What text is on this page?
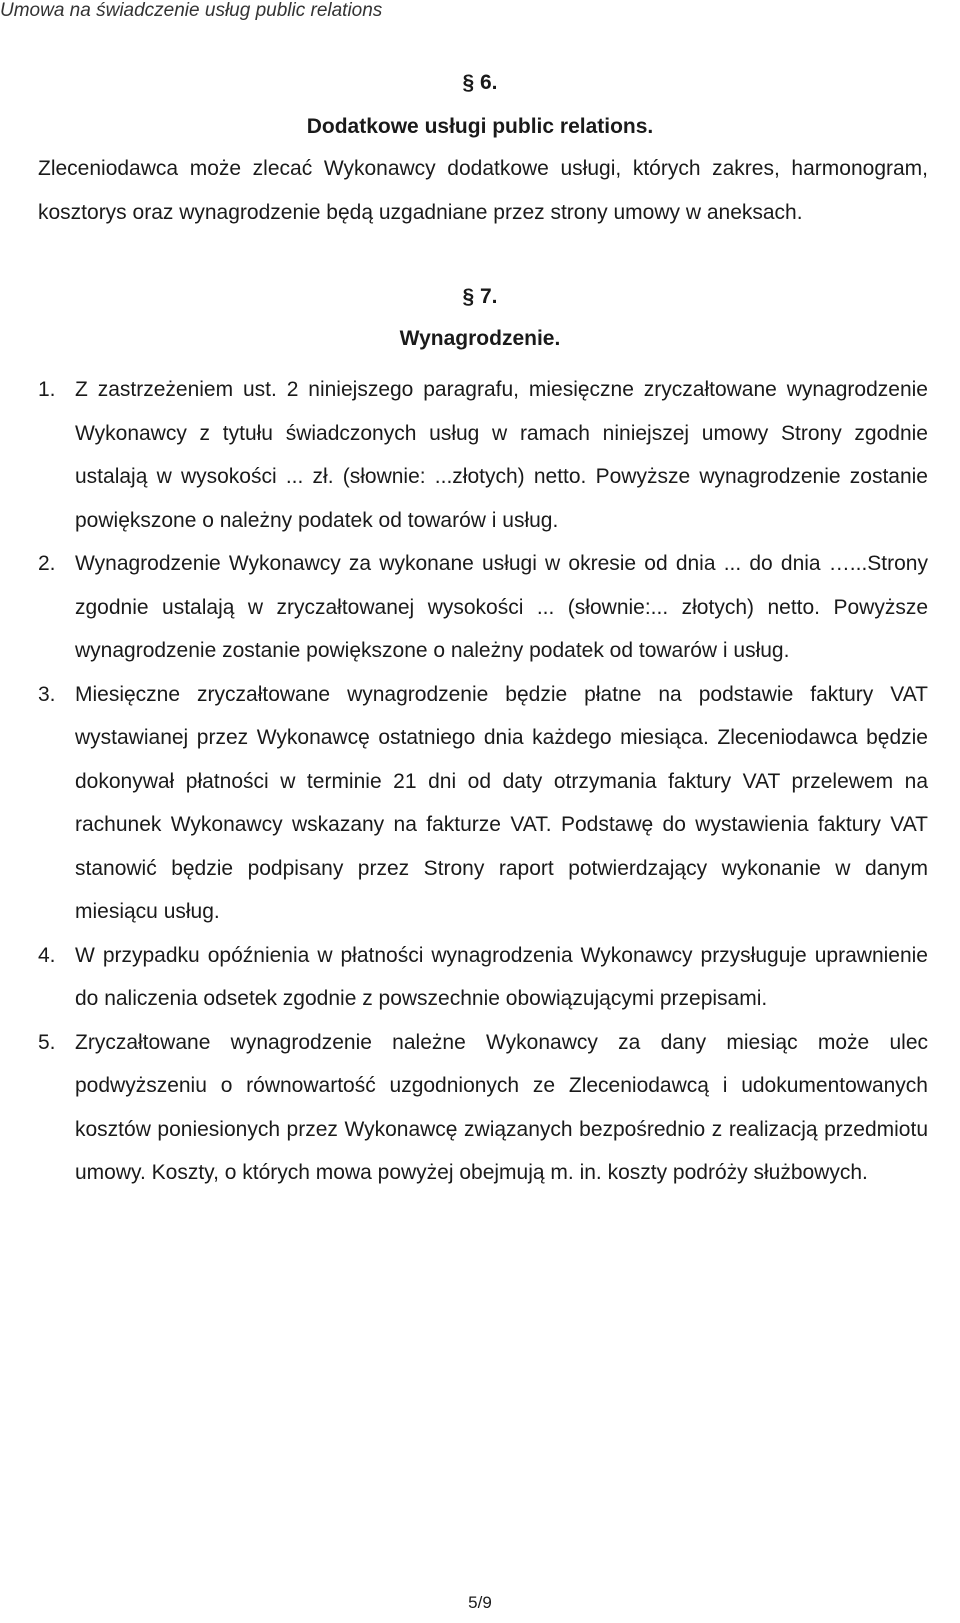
Umowa na świadczenie usług public relations
§ 6.
Dodatkowe usługi public relations.
Zleceniodawca może zlecać Wykonawcy dodatkowe usługi, których zakres, harmonogram, kosztorys oraz wynagrodzenie będą uzgadniane przez strony umowy w aneksach.
§ 7.
Wynagrodzenie.
1. Z zastrzeżeniem ust. 2 niniejszego paragrafu, miesięczne zryczałtowane wynagrodzenie Wykonawcy z tytułu świadczonych usług w ramach niniejszej umowy Strony zgodnie ustalają w wysokości ... zł. (słownie: ...złotych) netto. Powyższe wynagrodzenie zostanie powiększone o należny podatek od towarów i usług.
2. Wynagrodzenie Wykonawcy za wykonane usługi w okresie od dnia ... do dnia …...Strony zgodnie ustalają w zryczałtowanej wysokości ... (słownie:... złotych) netto. Powyższe wynagrodzenie zostanie powiększone o należny podatek od towarów i usług.
3. Miesięczne zryczałtowane wynagrodzenie będzie płatne na podstawie faktury VAT wystawianej przez Wykonawcę ostatniego dnia każdego miesiąca. Zleceniodawca będzie dokonywał płatności w terminie 21 dni od daty otrzymania faktury VAT przelewem na rachunek Wykonawcy wskazany na fakturze VAT. Podstawę do wystawienia faktury VAT stanowić będzie podpisany przez Strony raport potwierdzający wykonanie w danym miesiącu usług.
4. W przypadku opóźnienia w płatności wynagrodzenia Wykonawcy przysługuje uprawnienie do naliczenia odsetek zgodnie z powszechnie obowiązującymi przepisami.
5. Zryczałtowane wynagrodzenie należne Wykonawcy za dany miesiąc może ulec podwyższeniu o równowartość uzgodnionych ze Zleceniodawcą i udokumentowanych kosztów poniesionych przez Wykonawcę związanych bezpośrednio z realizacją przedmiotu umowy. Koszty, o których mowa powyżej obejmują m. in. koszty podróży służbowych.
5/9
